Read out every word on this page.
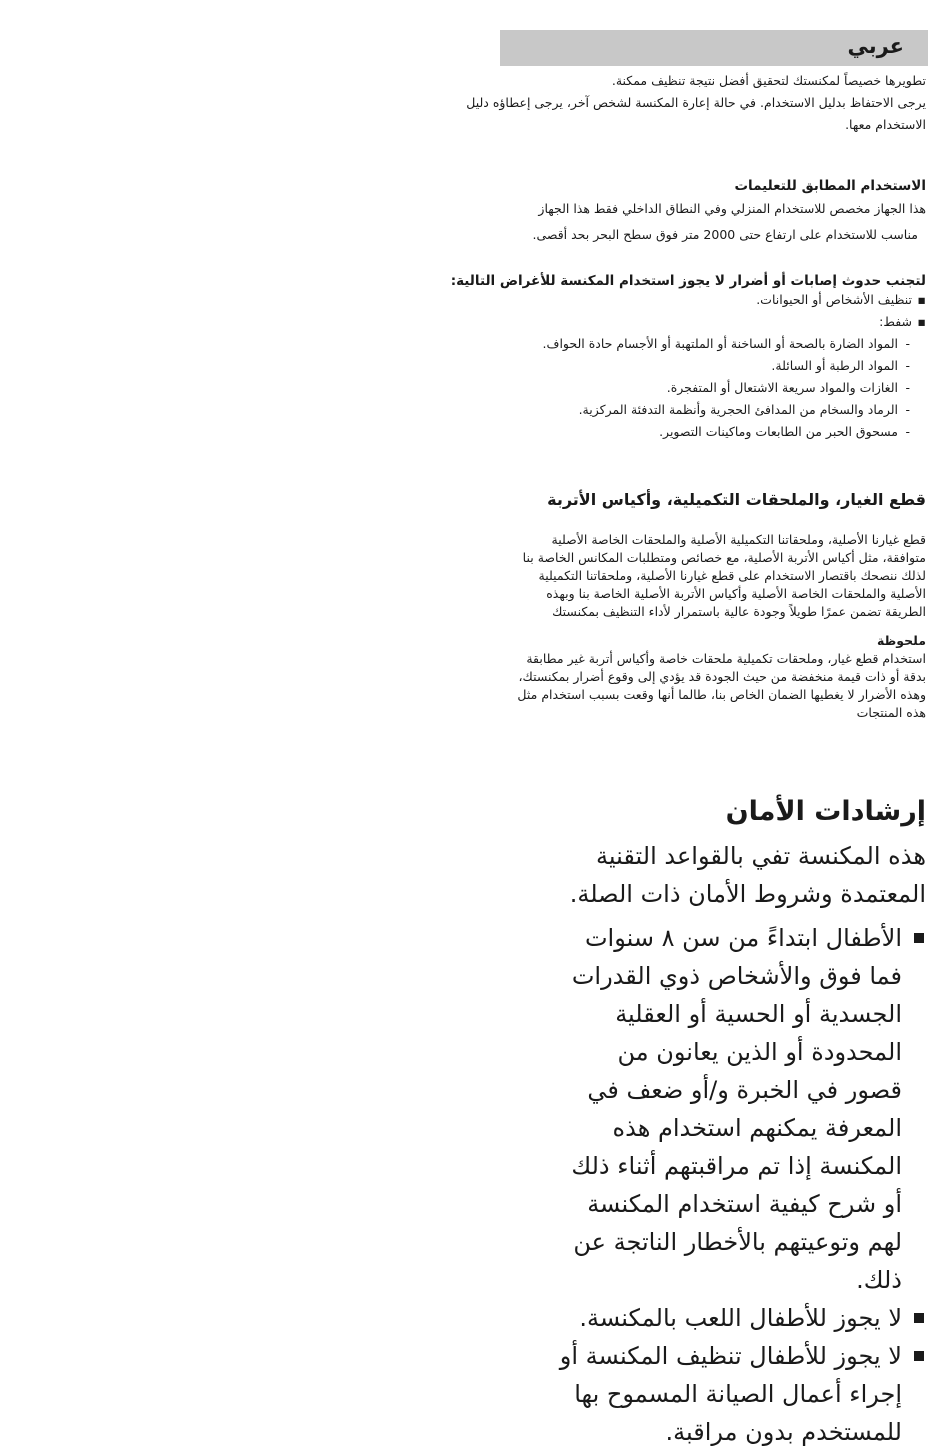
عربي
تطويرها خصيصاً لمكنستك لتحقيق أفضل نتيجة تنظيف ممكنة.
يرجى الاحتفاظ بدليل الاستخدام. في حالة إعارة المكنسة لشخص آخر، يرجى إعطاؤه دليل الاستخدام معها.
الاستخدام المطابق للتعليمات
هذا الجهاز مخصص للاستخدام المنزلي وفي النطاق الداخلي فقط هذا الجهاز
مناسب للاستخدام على ارتفاع حتى 2000 متر فوق سطح البحر بحد أقصى.
لتجنب حدوث إصابات أو أضرار لا يجوز استخدام المكنسة للأغراض التالية:
▪ تنظيف الأشخاص أو الحيوانات.
▪ شفط:
- المواد الضارة بالصحة أو الساخنة أو الملتهبة أو الأجسام حادة الحواف.
- المواد الرطبة أو السائلة.
- الغازات والمواد سريعة الاشتعال أو المتفجرة.
- الرماد والسخام من المدافئ الحجرية وأنظمة التدفئة المركزية.
- مسحوق الحبر من الطابعات وماكينات التصوير.
قطع الغيار، والملحقات التكميلية، وأكياس الأتربة
قطع غيارنا الأصلية، وملحقاتنا التكميلية الأصلية والملحقات الخاصة الأصلية متوافقة، مثل أكياس الأتربة الأصلية، مع خصائص ومتطلبات المكانس الخاصة بنا لذلك ننصحك باقتصار الاستخدام على قطع غيارنا الأصلية، وملحقاتنا التكميلية الأصلية والملحقات الخاصة الأصلية وأكياس الأتربة الأصلية الخاصة بنا وبهذه الطريقة تضمن عمرًا طويلاً وجودة عالية باستمرار لأداء التنظيف بمكنستك
ملحوظة
استخدام قطع غيار، وملحقات تكميلية ملحقات خاصة وأكياس أتربة غير مطابقة بدقة أو ذات قيمة منخفضة من حيث الجودة قد يؤدي إلى وقوع أضرار بمكنستك، وهذه الأضرار لا يغطيها الضمان الخاص بنا، طالما أنها وقعت بسبب استخدام مثل هذه المنتجات
إرشادات الأمان
هذه المكنسة تفي بالقواعد التقنية المعتمدة وشروط الأمان ذات الصلة.
الأطفال ابتداءً من سن ٨ سنوات فما فوق والأشخاص ذوي القدرات الجسدية أو الحسية أو العقلية المحدودة أو الذين يعانون من قصور في الخبرة و/أو ضعف في المعرفة يمكنهم استخدام هذه المكنسة إذا تم مراقبتهم أثناء ذلك أو شرح كيفية استخدام المكنسة لهم وتوعيتهم بالأخطار الناتجة عن ذلك.
لا يجوز للأطفال اللعب بالمكنسة.
لا يجوز للأطفال تنظيف المكنسة أو إجراء أعمال الصيانة المسموح بها للمستخدم بدون مراقبة.
